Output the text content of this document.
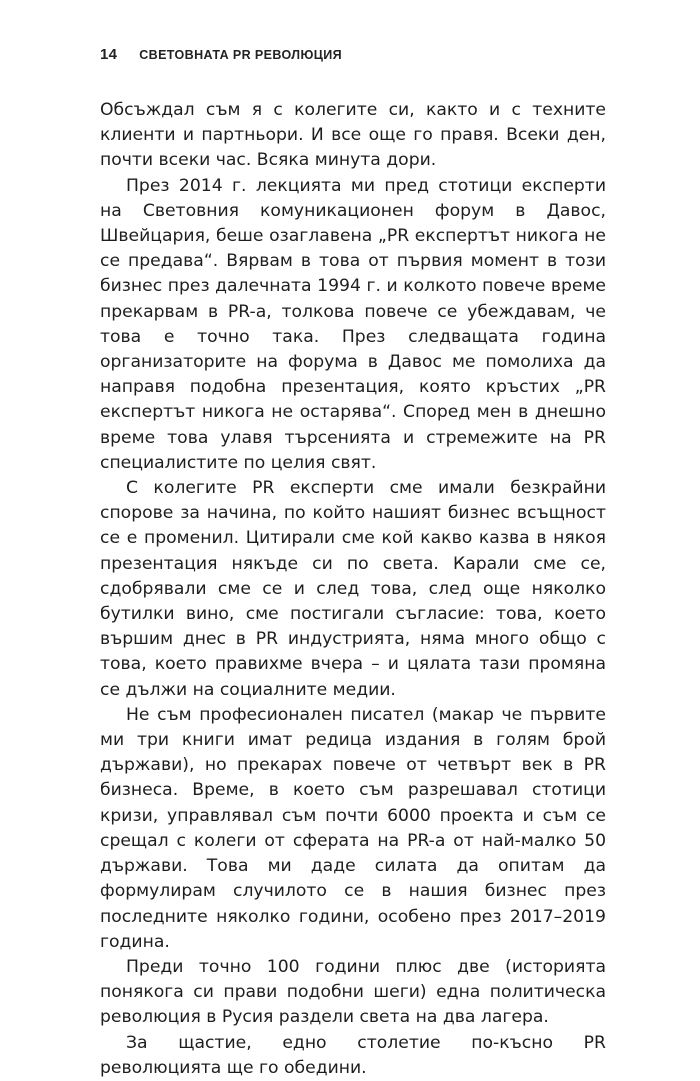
14 СВЕТОВНАТА PR РЕВОЛЮЦИЯ

Обсъждал съм я с колегите си, както и с техните клиенти и партньори. И все още го правя. Всеки ден, почти всеки час. Всяка минута дори.

През 2014 г. лекцията ми пред стотици експерти на Световния комуникационен форум в Давос, Швейцария, беше озаглавена „PR експертът никога не се предава“. Вярвам в това от първия момент в този бизнес през далечната 1994 г. и колкото повече време прекарвам в PR-а, толкова повече се убеждавам, че това е точно така. През следващата година организаторите на форума в Давос ме помолиха да направя подобна презентация, която кръстих „PR експертът никога не остарява“. Според мен в днешно време това улавя търсенията и стремежите на PR специалистите по целия свят.

С колегите PR експерти сме имали безкрайни спорове за начина, по който нашият бизнес всъщност се е променил. Цитирали сме кой какво казва в някоя презентация някъде си по света. Карали сме се, сдобрявали сме се и след това, след още няколко бутилки вино, сме постигали съгласие: това, което вършим днес в PR индустрията, няма много общо с това, което правихме вчера – и цялата тази промяна се дължи на социалните медии.

Не съм професионален писател (макар че първите ми три книги имат редица издания в голям брой държави), но прекарах повече от четвърт век в PR бизнеса. Време, в което съм разрешавал стотици кризи, управлявал съм почти 6000 проекта и съм се срещал с колеги от сферата на PR-а от най-малко 50 държави. Това ми даде силата да опитам да формулирам случилото се в нашия бизнес през последните няколко години, особено през 2017–2019 година.

Преди точно 100 години плюс две (историята понякога си прави подобни шеги) една политическа революция в Русия раздели света на два лагера.

За щастие, едно столетие по-късно PR революцията ще го обедини.
